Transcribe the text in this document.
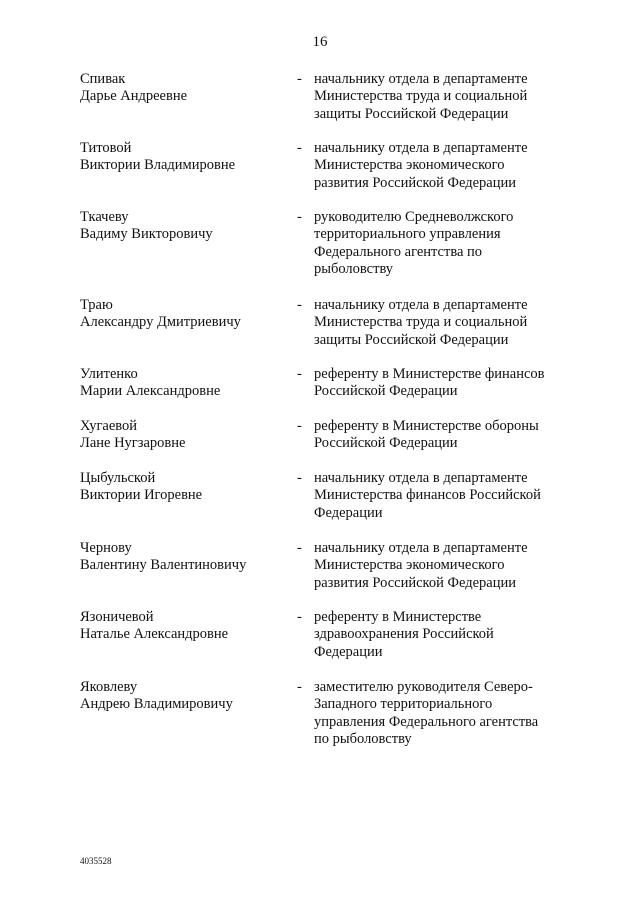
16
Спивак
Дарье Андреевне
- начальнику отдела в департаменте
Министерства труда и социальной
защиты Российской Федерации
Титовой
Виктории Владимировне
- начальнику отдела в департаменте
Министерства экономического
развития Российской Федерации
Ткачеву
Вадиму Викторовичу
- руководителю Средневолжского
территориального управления
Федерального агентства по
рыболовству
Траю
Александру Дмитриевичу
- начальнику отдела в департаменте
Министерства труда и социальной
защиты Российской Федерации
Улитенко
Марии Александровне
- референту в Министерстве финансов
Российской Федерации
Хугаевой
Лане Нугзаровне
- референту в Министерстве обороны
Российской Федерации
Цыбульской
Виктории Игоревне
- начальнику отдела в департаменте
Министерства финансов Российской
Федерации
Чернову
Валентину Валентиновичу
- начальнику отдела в департаменте
Министерства экономического
развития Российской Федерации
Язоничевой
Наталье Александровне
- референту в Министерстве
здравоохранения Российской
Федерации
Яковлеву
Андрею Владимировичу
- заместителю руководителя Северо-
Западного территориального
управления Федерального агентства
по рыболовству
4035528
